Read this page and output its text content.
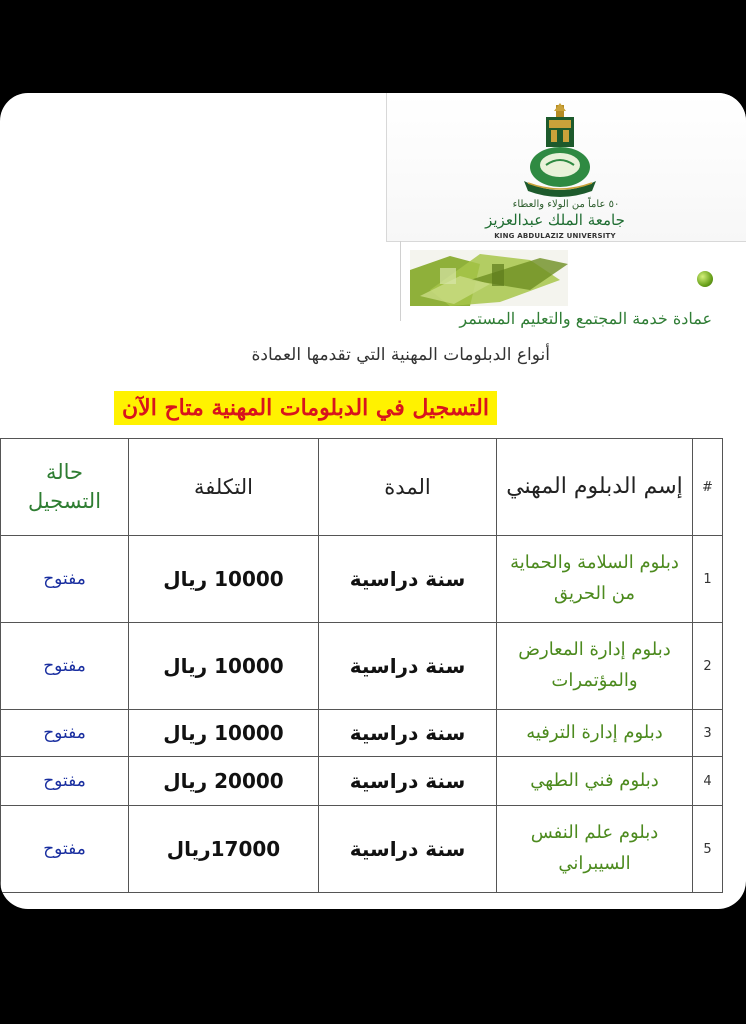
٥٠ عاماً من الولاء والعطاء
جامعة الملك عبدالعزيز
KING ABDULAZIZ UNIVERSITY
عمادة خدمة المجتمع والتعليم المستمر
أنواع الدبلومات المهنية التي تقدمها العمادة
التسجيل في الدبلومات المهنية متاح الآن
#	إسم الدبلوم المهني	المدة	التكلفة	حالة التسجيل
1	دبلوم السلامة والحماية من الحريق	سنة دراسية	10000 ريال	مفتوح
2	دبلوم إدارة المعارض والمؤتمرات	سنة دراسية	10000 ريال	مفتوح
3	دبلوم إدارة الترفيه	سنة دراسية	10000 ريال	مفتوح
4	دبلوم فني الطهي	سنة دراسية	20000 ريال	مفتوح
5	دبلوم علم النفس السيبراني	سنة دراسية	17000ريال	مفتوح
